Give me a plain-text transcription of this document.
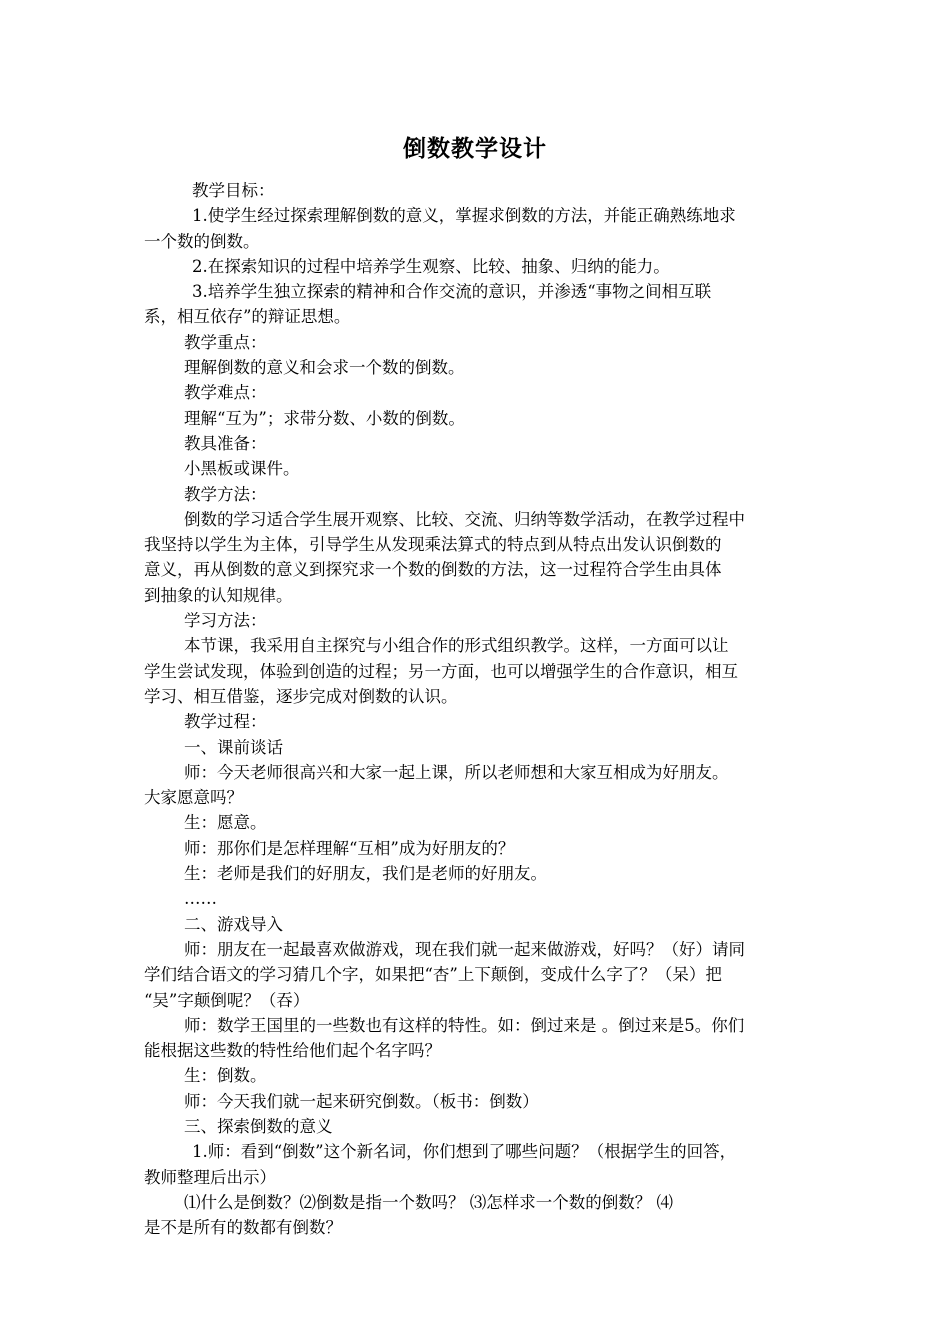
倒数教学设计

教学目标：

1.使学生经过探索理解倒数的意义，掌握求倒数的方法，并能正确熟练地求

一个数的倒数。

2.在探索知识的过程中培养学生观察、比较、抽象、归纳的能力。

3.培养学生独立探索的精神和合作交流的意识，并渗透“事物之间相互联

系，相互依存”的辩证思想。

教学重点：

理解倒数的意义和会求一个数的倒数。

教学难点：

理解“互为”；求带分数、小数的倒数。

教具准备：

小黑板或课件。

教学方法：

倒数的学习适合学生展开观察、比较、交流、归纳等数学活动，在教学过程中

我坚持以学生为主体，引导学生从发现乘法算式的特点到从特点出发认识倒数的

意义，再从倒数的意义到探究求一个数的倒数的方法，这一过程符合学生由具体

到抽象的认知规律。

学习方法：

本节课，我采用自主探究与小组合作的形式组织教学。这样，一方面可以让

学生尝试发现，体验到创造的过程；另一方面，也可以增强学生的合作意识，相互

学习、相互借鉴，逐步完成对倒数的认识。

教学过程：

一、课前谈话

师：今天老师很高兴和大家一起上课，所以老师想和大家互相成为好朋友。

大家愿意吗？

生：愿意。

师：那你们是怎样理解“互相”成为好朋友的？

生：老师是我们的好朋友，我们是老师的好朋友。

……

二、游戏导入

师：朋友在一起最喜欢做游戏，现在我们就一起来做游戏，好吗？（好）请同

学们结合语文的学习猜几个字，如果把“杏”上下颠倒，变成什么字了？（呆）把

“吴”字颠倒呢？（吞）

师：数学王国里的一些数也有这样的特性。如：倒过来是 。倒过来是5。你们

能根据这些数的特性给他们起个名字吗？

生：倒数。

师：今天我们就一起来研究倒数。（板书：倒数）

三、探索倒数的意义

1.师：看到“倒数”这个新名词，你们想到了哪些问题？（根据学生的回答，

教师整理后出示）

⑴什么是倒数？⑵倒数是指一个数吗？ ⑶怎样求一个数的倒数？ ⑷

是不是所有的数都有倒数？
